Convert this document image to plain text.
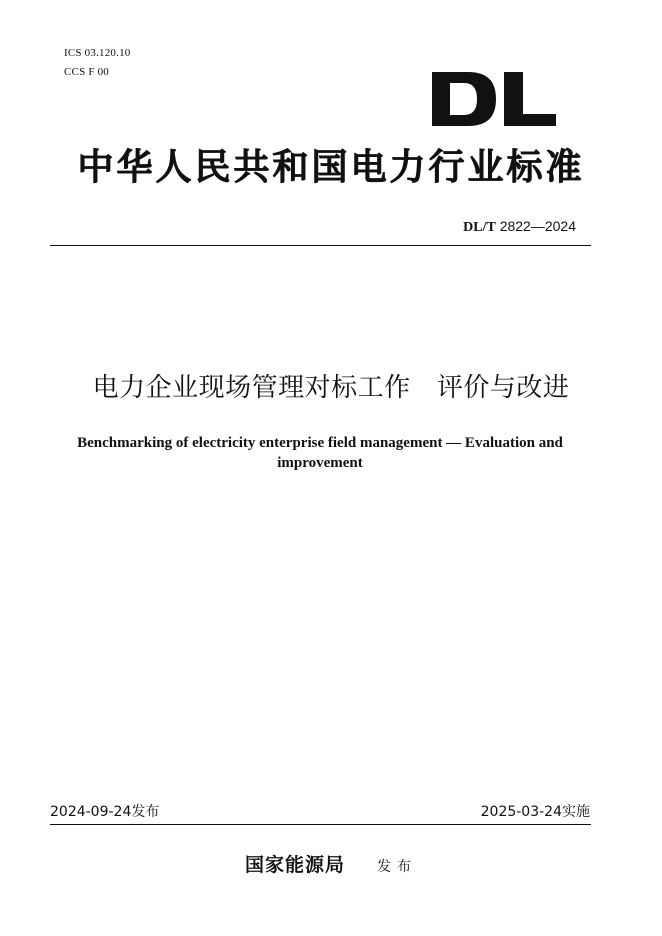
ICS 03.120.10
CCS F 00
中华人民共和国电力行业标准
DL/T 2822—2024
电力企业现场管理对标工作   评价与改进
Benchmarking of electricity enterprise field management — Evaluation and improvement
2024-09-24发布	2025-03-24实施
国家能源局 发布
